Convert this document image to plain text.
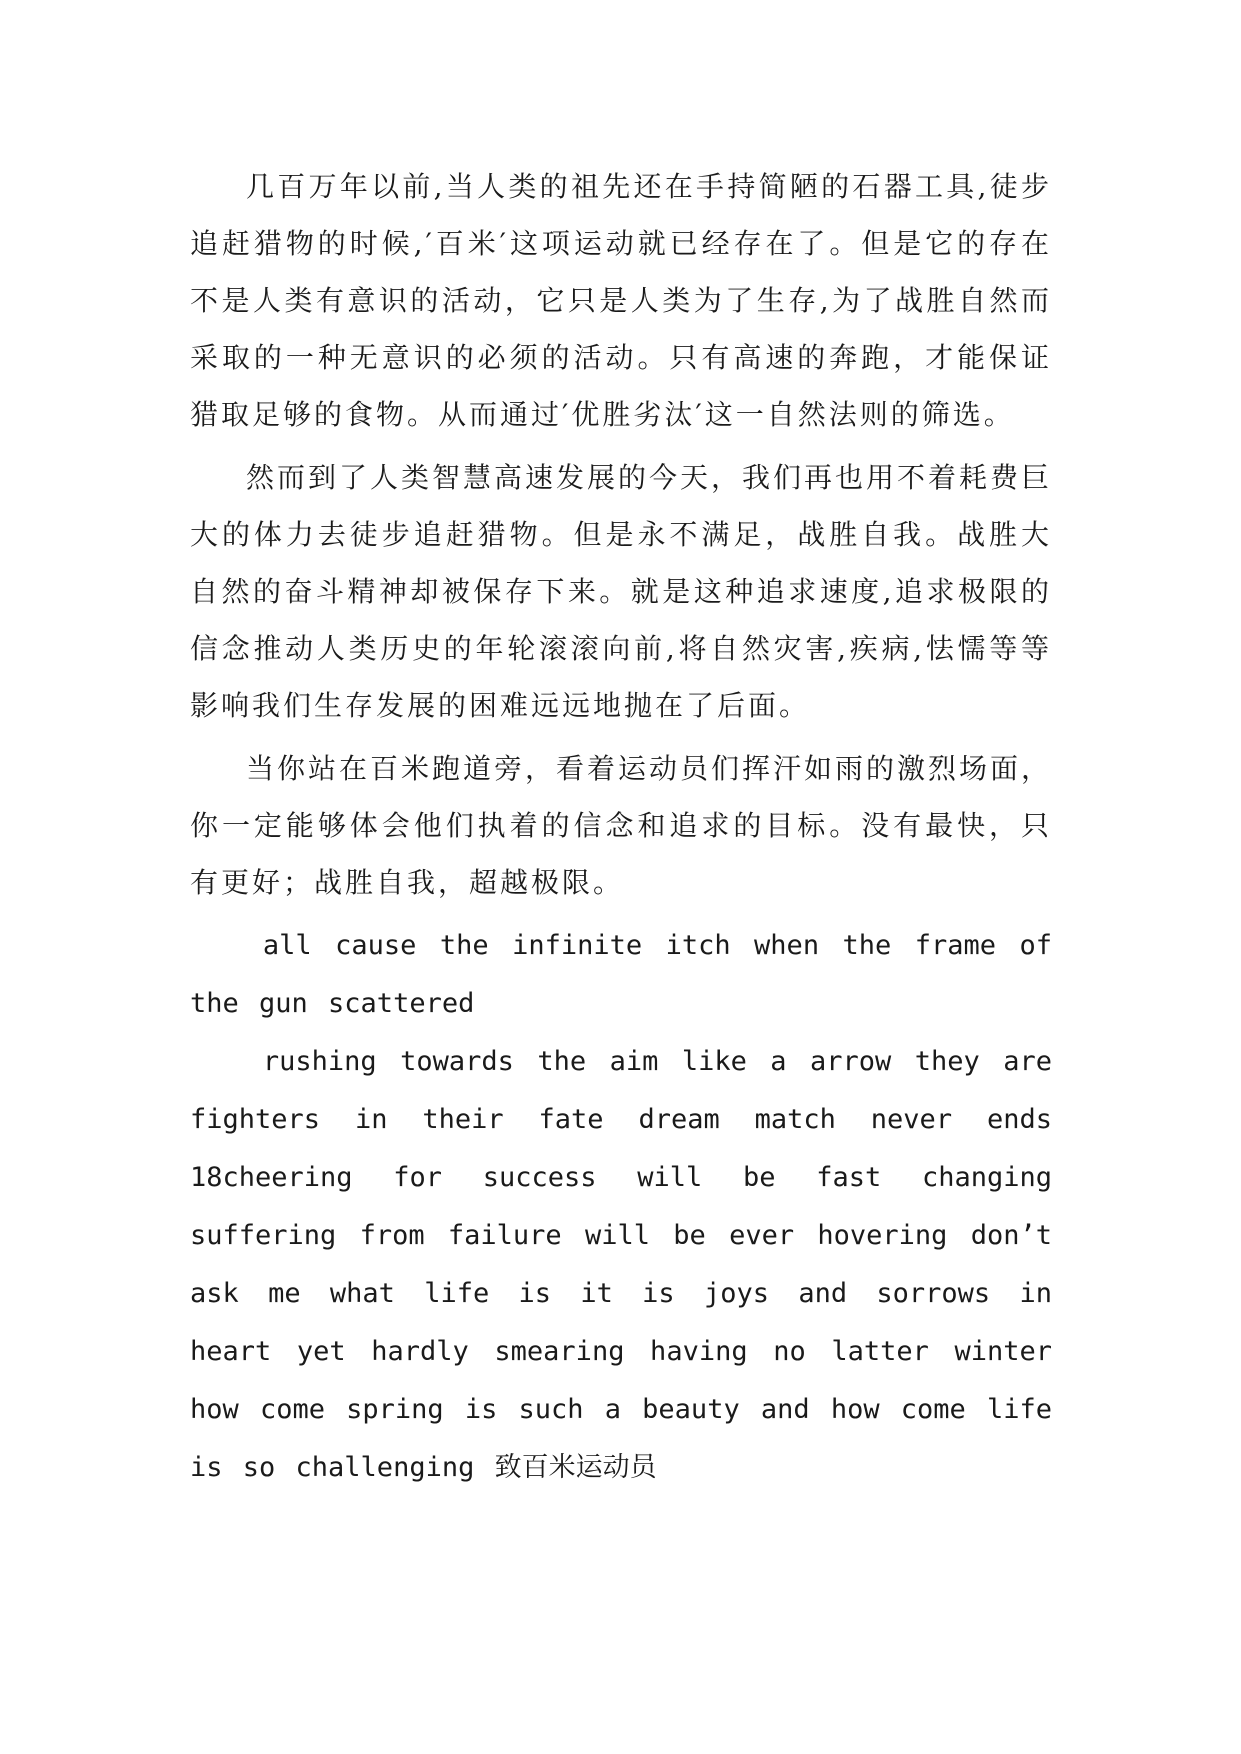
几百万年以前,当人类的祖先还在手持简陋的石器工具,徒步追赶猎物的时候,′百米′这项运动就已经存在了。但是它的存在不是人类有意识的活动，它只是人类为了生存,为了战胜自然而采取的一种无意识的必须的活动。只有高速的奔跑，才能保证猎取足够的食物。从而通过′优胜劣汰′这一自然法则的筛选。

然而到了人类智慧高速发展的今天，我们再也用不着耗费巨大的体力去徒步追赶猎物。但是永不满足，战胜自我。战胜大自然的奋斗精神却被保存下来。就是这种追求速度,追求极限的信念推动人类历史的年轮滚滚向前,将自然灾害,疾病,怯懦等等影响我们生存发展的困难远远地抛在了后面。

当你站在百米跑道旁，看着运动员们挥汗如雨的激烈场面，你一定能够体会他们执着的信念和追求的目标。没有最快，只有更好；战胜自我，超越极限。

all cause the infinite itch when the frame of the gun scattered

rushing towards the aim like a arrow they are fighters in their fate dream match never ends 18cheering for success will be fast changing suffering from failure will be ever hovering don’t ask me what life is it is joys and sorrows in heart yet hardly smearing having no latter winter how come spring is such a beauty and how come life is so challenging 致百米运动员
